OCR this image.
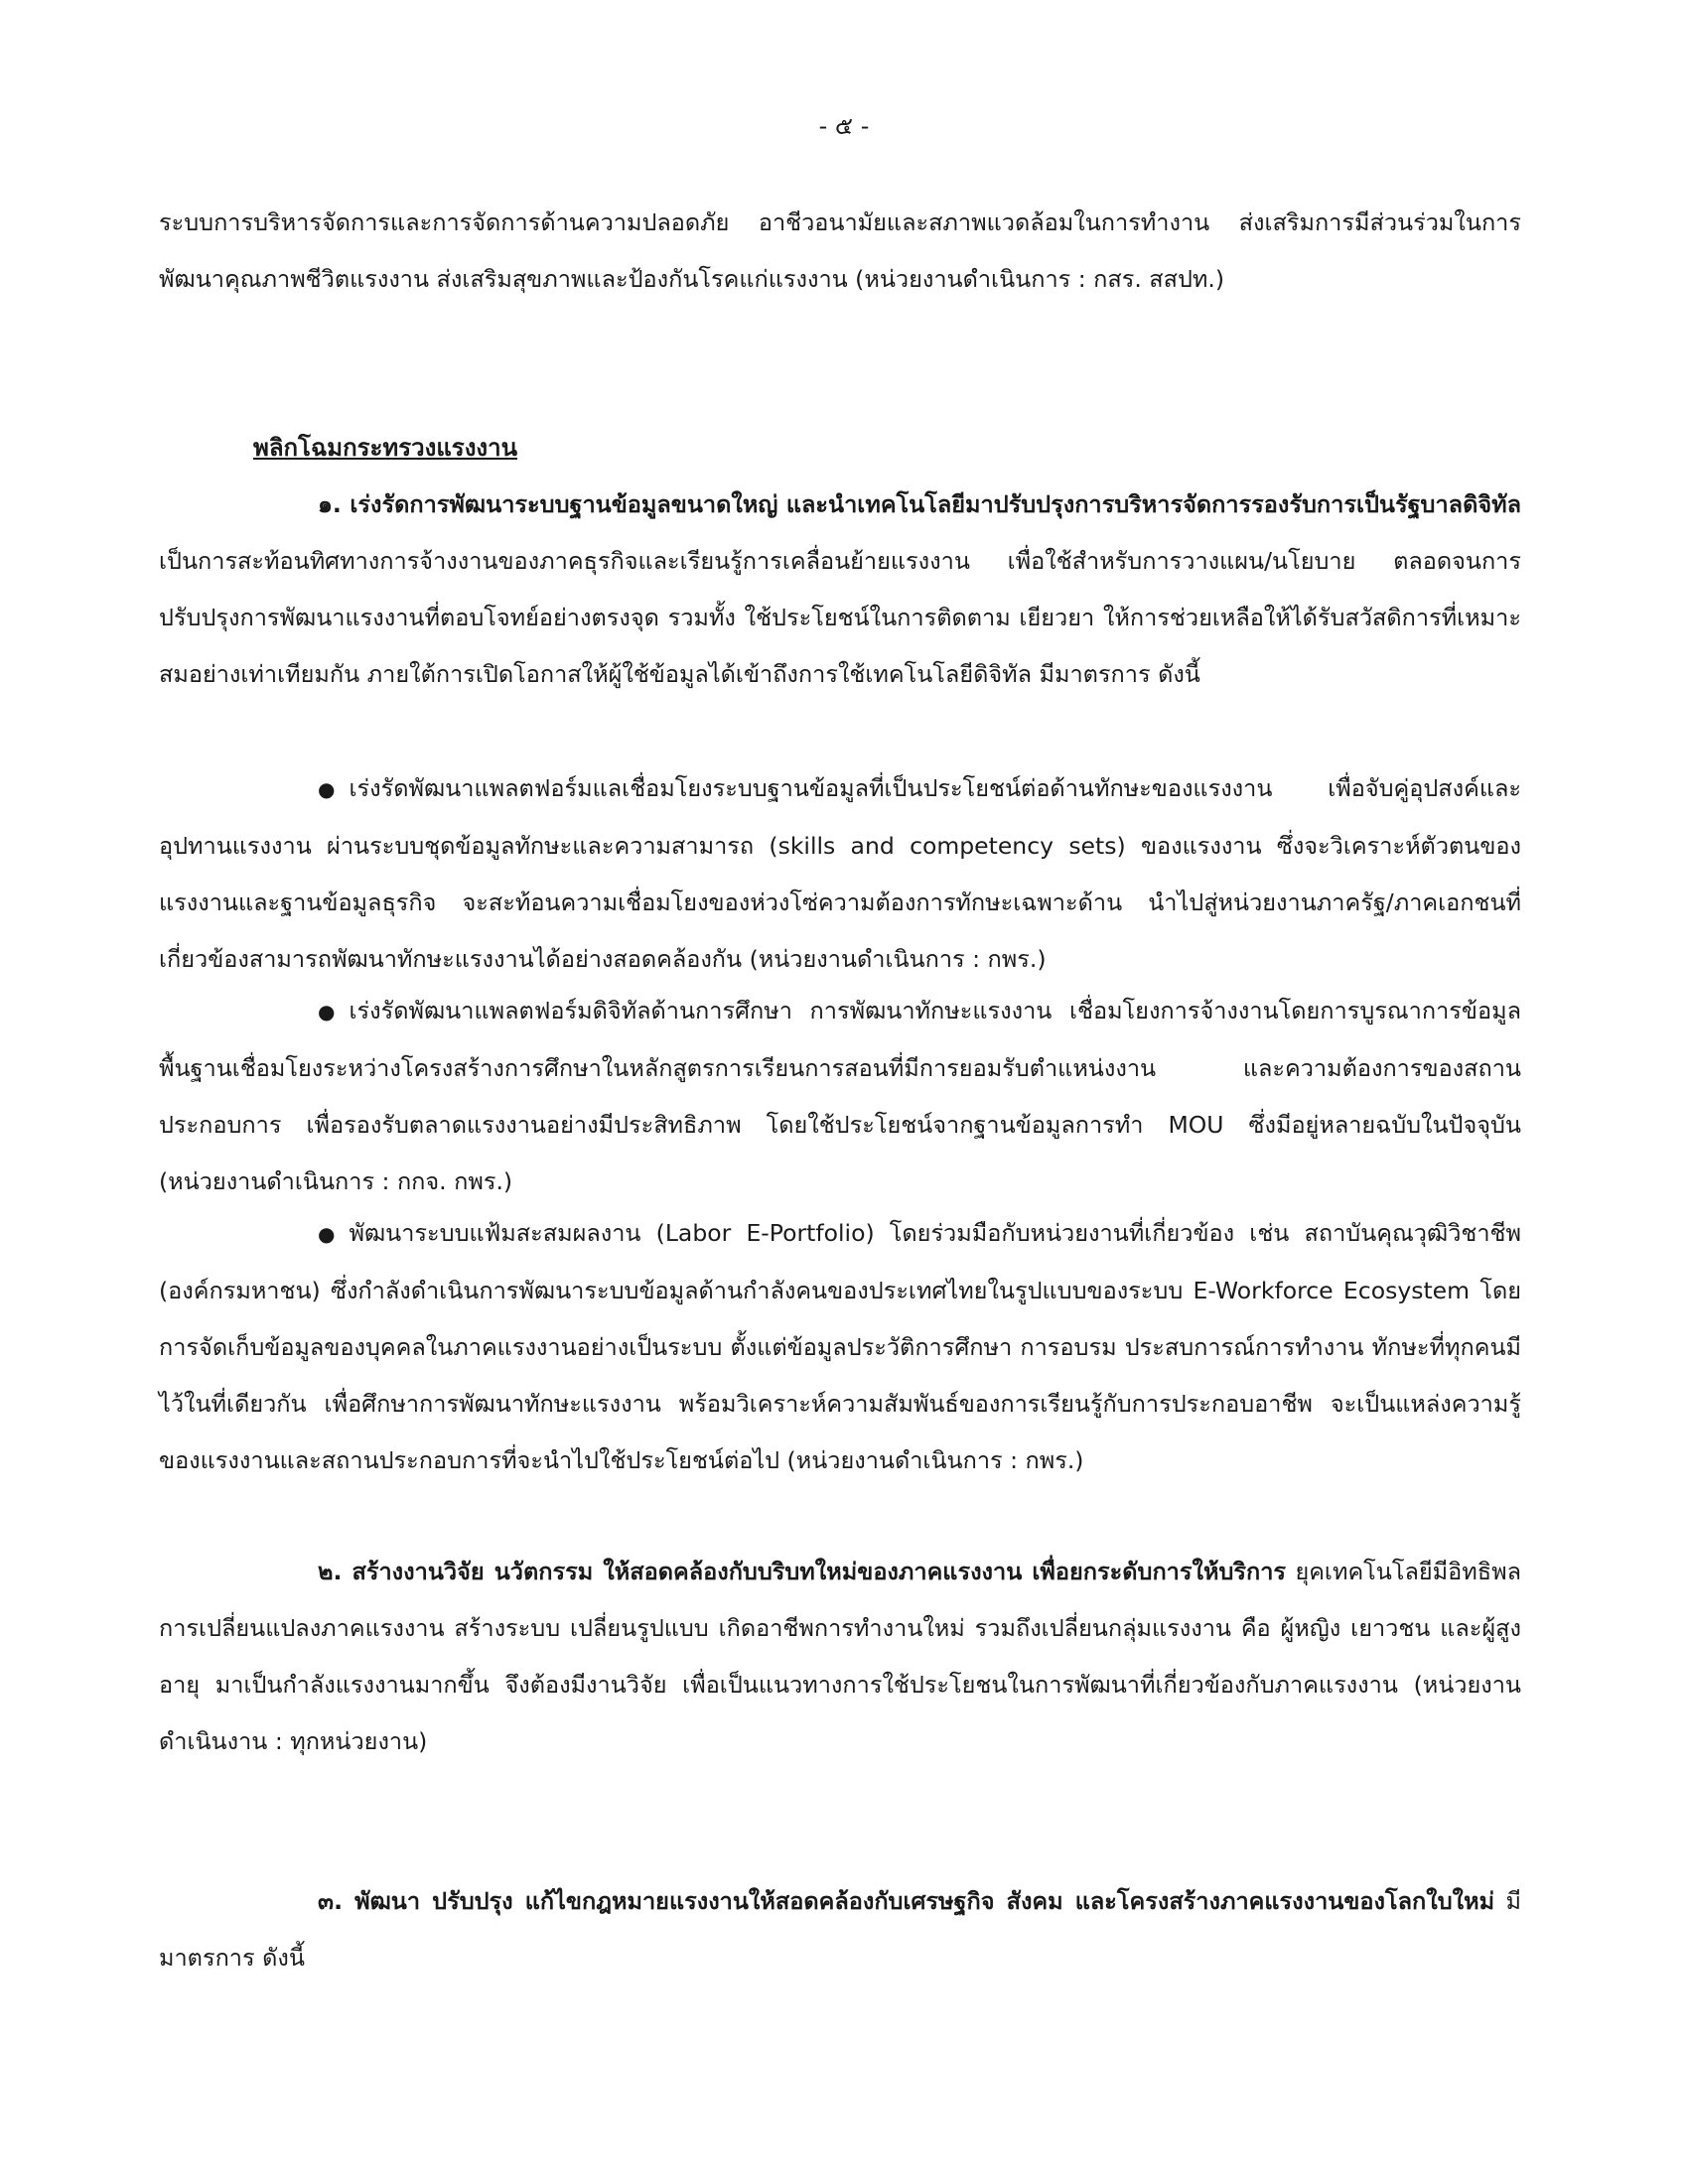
- ๕ -

ระบบการบริหารจัดการและการจัดการด้านความปลอดภัย อาชีวอนามัยและสภาพแวดล้อมในการทำงาน ส่งเสริมการมีส่วนร่วมในการพัฒนาคุณภาพชีวิตแรงงาน ส่งเสริมสุขภาพและป้องกันโรคแก่แรงงาน (หน่วยงานดำเนินการ : กสร. สสปท.)

พลิกโฉมกระทรวงแรงงาน

๑. เร่งรัดการพัฒนาระบบฐานข้อมูลขนาดใหญ่ และนำเทคโนโลยีมาปรับปรุงการบริหารจัดการรองรับการเป็นรัฐบาลดิจิทัล เป็นการสะท้อนทิศทางการจ้างงานของภาคธุรกิจและเรียนรู้การเคลื่อนย้ายแรงงาน เพื่อใช้สำหรับการวางแผน/นโยบาย ตลอดจนการปรับปรุงการพัฒนาแรงงานที่ตอบโจทย์อย่างตรงจุด รวมทั้ง ใช้ประโยชน์ในการติดตาม เยียวยา ให้การช่วยเหลือให้ได้รับสวัสดิการที่เหมาะสมอย่างเท่าเทียมกัน ภายใต้การเปิดโอกาสให้ผู้ใช้ข้อมูลได้เข้าถึงการใช้เทคโนโลยีดิจิทัล มีมาตรการ ดังนี้

● เร่งรัดพัฒนาแพลตฟอร์มแลเชื่อมโยงระบบฐานข้อมูลที่เป็นประโยชน์ต่อด้านทักษะของแรงงาน เพื่อจับคู่อุปสงค์และอุปทานแรงงาน ผ่านระบบชุดข้อมูลทักษะและความสามารถ (skills and competency sets) ของแรงงาน ซึ่งจะวิเคราะห์ตัวตนของแรงงานและฐานข้อมูลธุรกิจ จะสะท้อนความเชื่อมโยงของห่วงโซ่ความต้องการทักษะเฉพาะด้าน นำไปสู่หน่วยงานภาครัฐ/ภาคเอกชนที่เกี่ยวข้องสามารถพัฒนาทักษะแรงงานได้อย่างสอดคล้องกัน (หน่วยงานดำเนินการ : กพร.)

● เร่งรัดพัฒนาแพลตฟอร์มดิจิทัลด้านการศึกษา การพัฒนาทักษะแรงงาน เชื่อมโยงการจ้างงานโดยการบูรณาการข้อมูลพื้นฐานเชื่อมโยงระหว่างโครงสร้างการศึกษาในหลักสูตรการเรียนการสอนที่มีการยอมรับตำแหน่งงาน และความต้องการของสถานประกอบการ เพื่อรองรับตลาดแรงงานอย่างมีประสิทธิภาพ โดยใช้ประโยชน์จากฐานข้อมูลการทำ MOU ซึ่งมีอยู่หลายฉบับในปัจจุบัน (หน่วยงานดำเนินการ : กกจ. กพร.)

● พัฒนาระบบแฟ้มสะสมผลงาน (Labor E-Portfolio) โดยร่วมมือกับหน่วยงานที่เกี่ยวข้อง เช่น สถาบันคุณวุฒิวิชาชีพ (องค์กรมหาชน) ซึ่งกำลังดำเนินการพัฒนาระบบข้อมูลด้านกำลังคนของประเทศไทยในรูปแบบของระบบ E-Workforce Ecosystem โดยการจัดเก็บข้อมูลของบุคคลในภาคแรงงานอย่างเป็นระบบ ตั้งแต่ข้อมูลประวัติการศึกษา การอบรม ประสบการณ์การทำงาน ทักษะที่ทุกคนมีไว้ในที่เดียวกัน เพื่อศึกษาการพัฒนาทักษะแรงงาน พร้อมวิเคราะห์ความสัมพันธ์ของการเรียนรู้กับการประกอบอาชีพ จะเป็นแหล่งความรู้ของแรงงานและสถานประกอบการที่จะนำไปใช้ประโยชน์ต่อไป (หน่วยงานดำเนินการ : กพร.)

๒. สร้างงานวิจัย นวัตกรรม ให้สอดคล้องกับบริบทใหม่ของภาคแรงงาน เพื่อยกระดับการให้บริการ ยุคเทคโนโลยีมีอิทธิพลการเปลี่ยนแปลงภาคแรงงาน สร้างระบบ เปลี่ยนรูปแบบ เกิดอาชีพการทำงานใหม่ รวมถึงเปลี่ยนกลุ่มแรงงาน คือ ผู้หญิง เยาวชน และผู้สูงอายุ มาเป็นกำลังแรงงานมากขึ้น จึงต้องมีงานวิจัย เพื่อเป็นแนวทางการใช้ประโยชนในการพัฒนาที่เกี่ยวข้องกับภาคแรงงาน (หน่วยงานดำเนินงาน : ทุกหน่วยงาน)

๓. พัฒนา ปรับปรุง แก้ไขกฎหมายแรงงานให้สอดคล้องกับเศรษฐกิจ สังคม และโครงสร้างภาคแรงงานของโลกใบใหม่ มีมาตรการ ดังนี้
